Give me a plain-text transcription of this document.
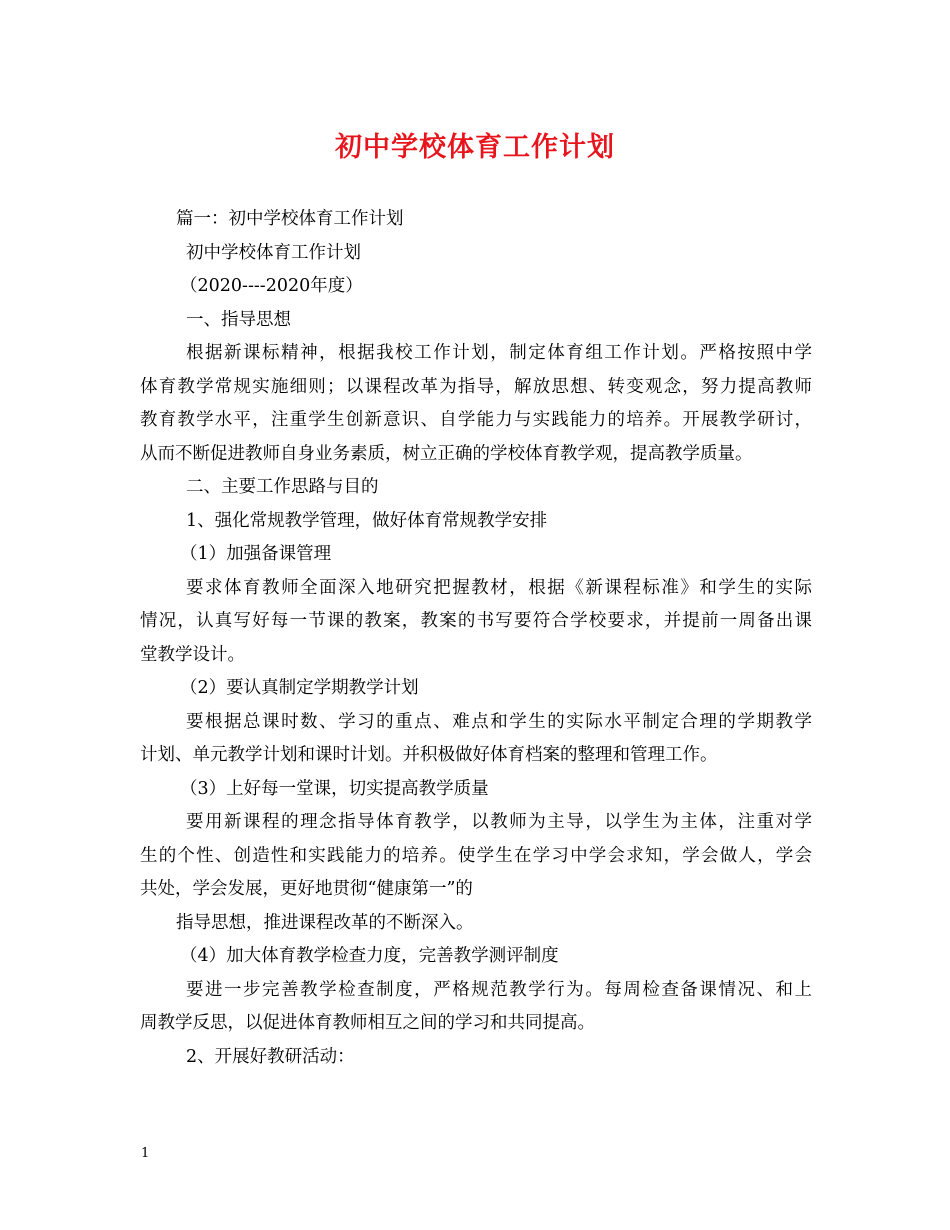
初中学校体育工作计划
篇一：初中学校体育工作计划
初中学校体育工作计划
（2020----2020年度）
一、指导思想
根据新课标精神，根据我校工作计划，制定体育组工作计划。严格按照中学
体育教学常规实施细则；以课程改革为指导，解放思想、转变观念，努力提高教师
教育教学水平，注重学生创新意识、自学能力与实践能力的培养。开展教学研讨，
从而不断促进教师自身业务素质，树立正确的学校体育教学观，提高教学质量。
二、主要工作思路与目的
1、强化常规教学管理，做好体育常规教学安排
（1）加强备课管理
要求体育教师全面深入地研究把握教材，根据《新课程标准》和学生的实际
情况，认真写好每一节课的教案，教案的书写要符合学校要求，并提前一周备出课
堂教学设计。
（2）要认真制定学期教学计划
要根据总课时数、学习的重点、难点和学生的实际水平制定合理的学期教学
计划、单元教学计划和课时计划。并积极做好体育档案的整理和管理工作。
（3）上好每一堂课，切实提高教学质量
要用新课程的理念指导体育教学，以教师为主导，以学生为主体，注重对学
生的个性、创造性和实践能力的培养。使学生在学习中学会求知，学会做人，学会
共处，学会发展，更好地贯彻“健康第一”的
指导思想，推进课程改革的不断深入。
（4）加大体育教学检查力度，完善教学测评制度
要进一步完善教学检查制度，严格规范教学行为。每周检查备课情况、和上
周教学反思，以促进体育教师相互之间的学习和共同提高。
2、开展好教研活动：
1
